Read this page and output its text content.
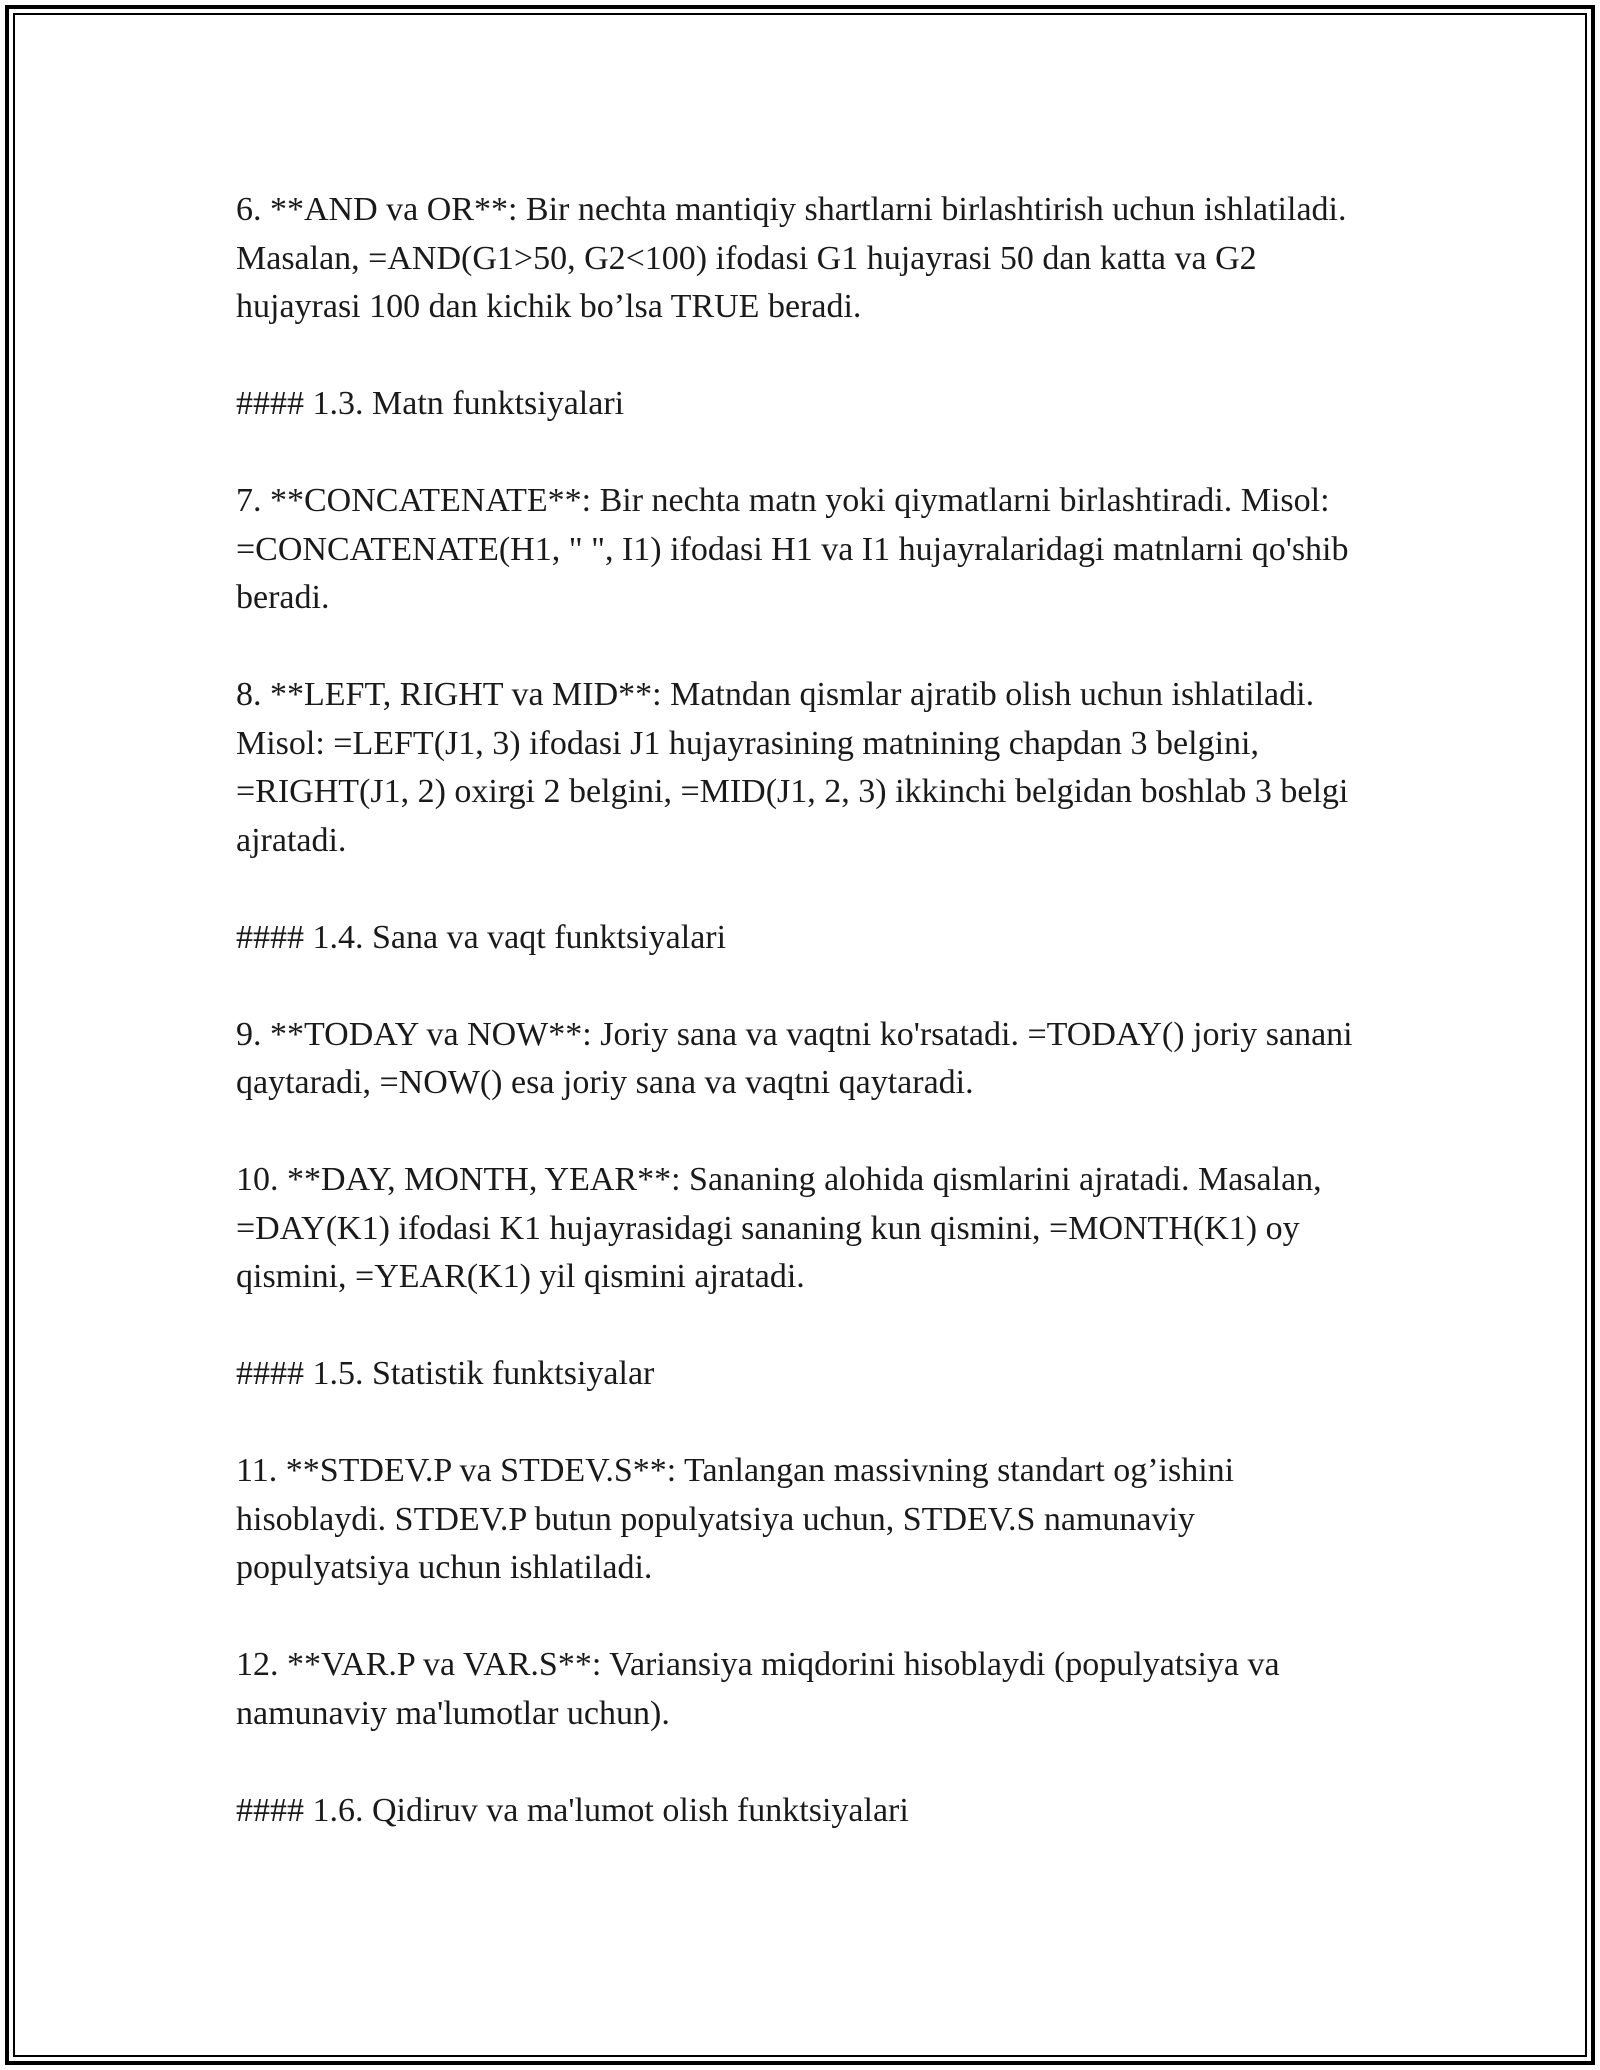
6. **AND va OR**: Bir nechta mantiqiy shartlarni birlashtirish uchun ishlatiladi. Masalan, =AND(G1>50, G2<100) ifodasi G1 hujayrasi 50 dan katta va G2 hujayrasi 100 dan kichik bo’lsa TRUE beradi.

#### 1.3. Matn funktsiyalari

7. **CONCATENATE**: Bir nechta matn yoki qiymatlarni birlashtiradi. Misol: =CONCATENATE(H1, " ", I1) ifodasi H1 va I1 hujayralaridagi matnlarni qo'shib beradi.

8. **LEFT, RIGHT va MID**: Matndan qismlar ajratib olish uchun ishlatiladi. Misol: =LEFT(J1, 3) ifodasi J1 hujayrasining matnining chapdan 3 belgini, =RIGHT(J1, 2) oxirgi 2 belgini, =MID(J1, 2, 3) ikkinchi belgidan boshlab 3 belgi ajratadi.

#### 1.4. Sana va vaqt funktsiyalari

9. **TODAY va NOW**: Joriy sana va vaqtni ko'rsatadi. =TODAY() joriy sanani qaytaradi, =NOW() esa joriy sana va vaqtni qaytaradi.

10. **DAY, MONTH, YEAR**: Sananing alohida qismlarini ajratadi. Masalan, =DAY(K1) ifodasi K1 hujayrasidagi sananing kun qismini, =MONTH(K1) oy qismini, =YEAR(K1) yil qismini ajratadi.

#### 1.5. Statistik funktsiyalar

11. **STDEV.P va STDEV.S**: Tanlangan massivning standart og’ishini hisoblaydi. STDEV.P butun populyatsiya uchun, STDEV.S namunaviy populyatsiya uchun ishlatiladi.

12. **VAR.P va VAR.S**: Variansiya miqdorini hisoblaydi (populyatsiya va namunaviy ma'lumotlar uchun).

#### 1.6. Qidiruv va ma'lumot olish funktsiyalari
